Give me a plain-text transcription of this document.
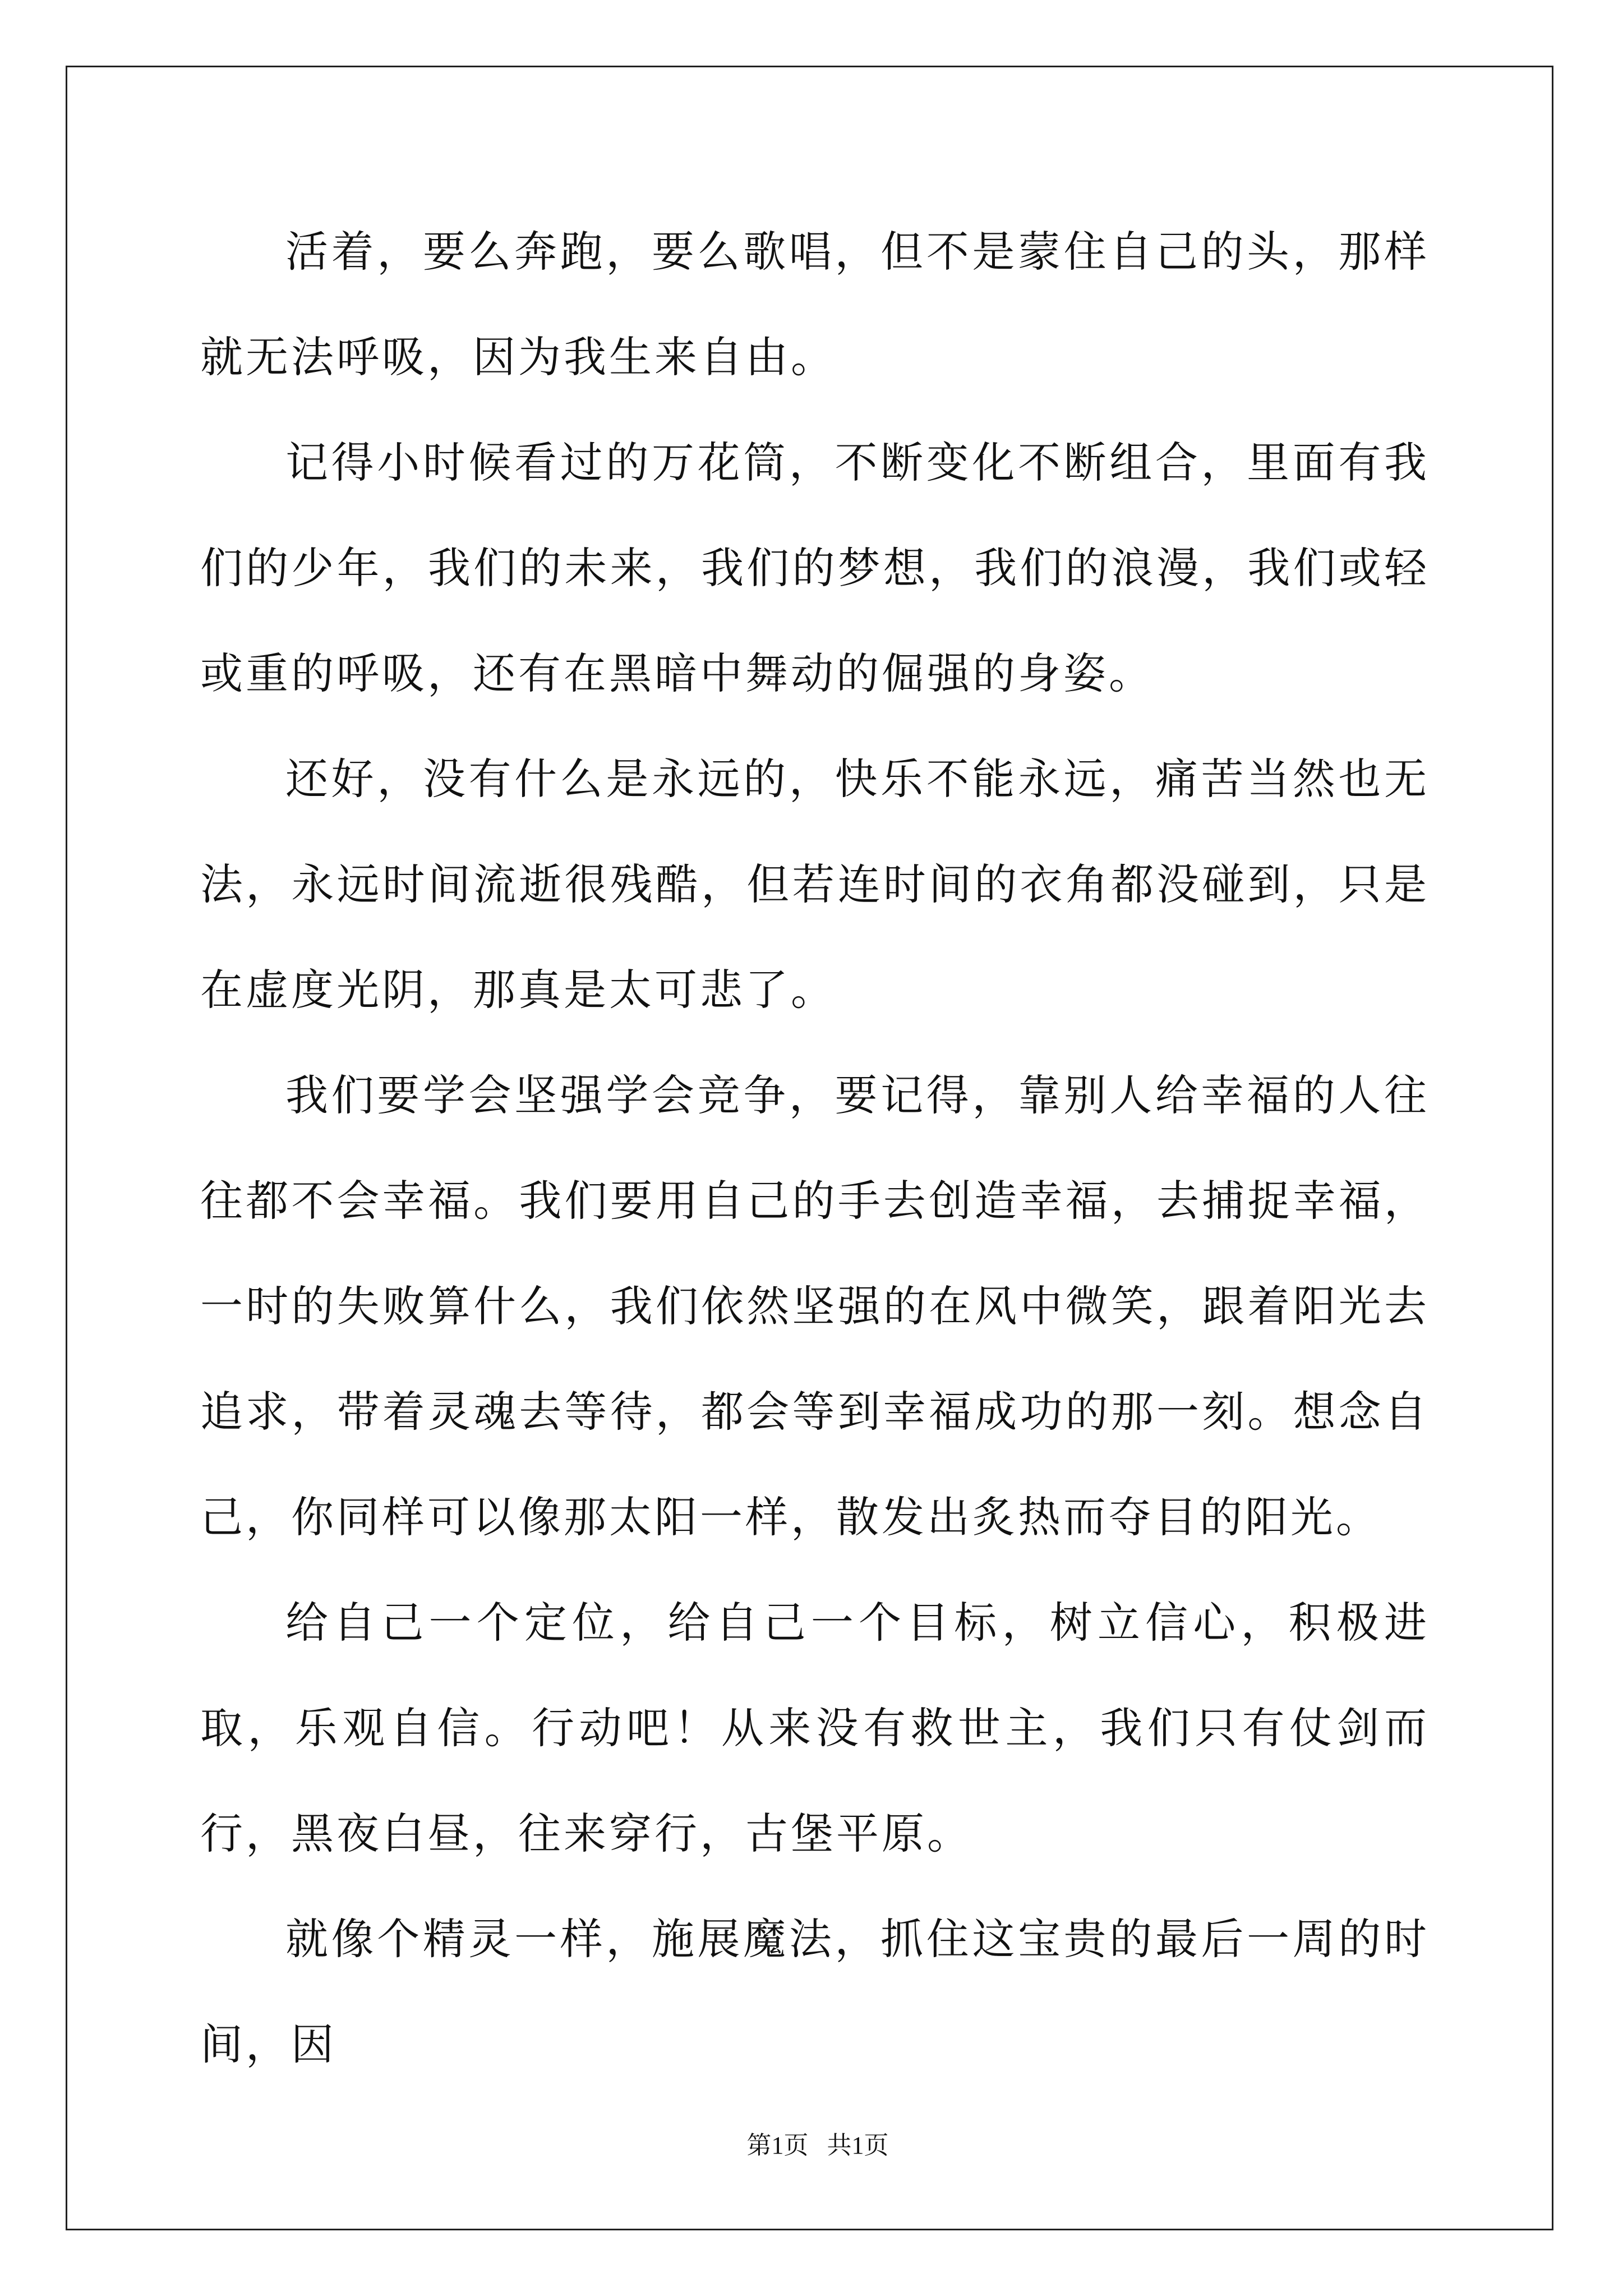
活着，要么奔跑，要么歌唱，但不是蒙住自己的头，那样就无法呼吸，因为我生来自由。

记得小时候看过的万花筒，不断变化不断组合，里面有我们的少年，我们的未来，我们的梦想，我们的浪漫，我们或轻或重的呼吸，还有在黑暗中舞动的倔强的身姿。

还好，没有什么是永远的，快乐不能永远，痛苦当然也无法，永远时间流逝很残酷，但若连时间的衣角都没碰到，只是在虚度光阴，那真是太可悲了。

我们要学会坚强学会竞争，要记得，靠别人给幸福的人往往都不会幸福。我们要用自己的手去创造幸福，去捕捉幸福，一时的失败算什么，我们依然坚强的在风中微笑，跟着阳光去追求，带着灵魂去等待，都会等到幸福成功的那一刻。想念自己，你同样可以像那太阳一样，散发出炙热而夺目的阳光。

给自己一个定位，给自己一个目标，树立信心，积极进取，乐观自信。行动吧！从来没有救世主，我们只有仗剑而行，黑夜白昼，往来穿行，古堡平原。

就像个精灵一样，施展魔法，抓住这宝贵的最后一周的时间，因

第1页   共1页
